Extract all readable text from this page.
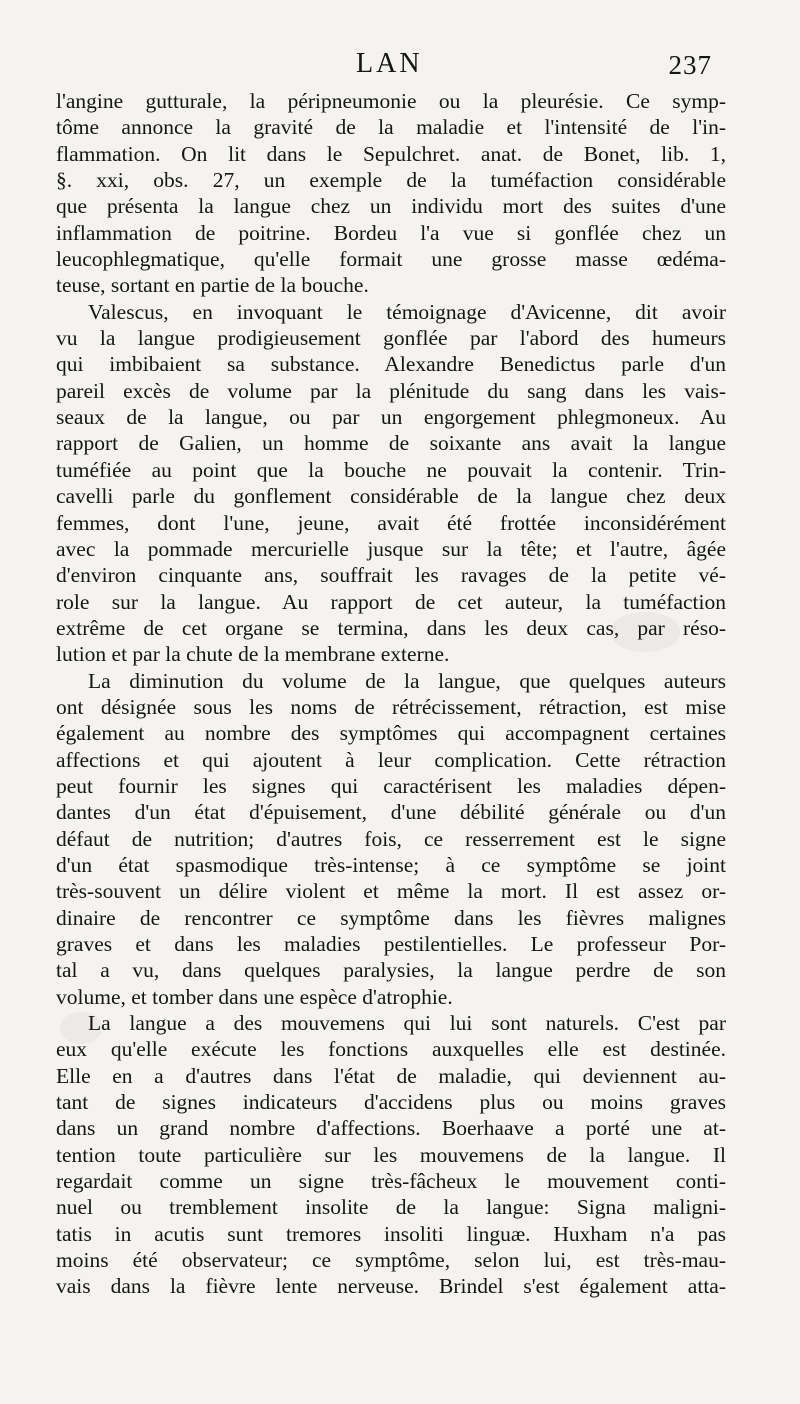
LAN	237
l'angine gutturale, la péripneumonie ou la pleurésie. Ce symp-
tôme annonce la gravité de la maladie et l'intensité de l'in-
flammation. On lit dans le Sepulchret. anat. de Bonet, lib. 1,
§. xxi, obs. 27, un exemple de la tuméfaction considérable
que présenta la langue chez un individu mort des suites d'une
inflammation de poitrine. Bordeu l'a vue si gonflée chez un
leucophlegmatique, qu'elle formait une grosse masse œdéma-
teuse, sortant en partie de la bouche.
Valescus, en invoquant le témoignage d'Avicenne, dit avoir
vu la langue prodigieusement gonflée par l'abord des humeurs
qui imbibaient sa substance. Alexandre Benedictus parle d'un
pareil excès de volume par la plénitude du sang dans les vais-
seaux de la langue, ou par un engorgement phlegmoneux. Au
rapport de Galien, un homme de soixante ans avait la langue
tuméfiée au point que la bouche ne pouvait la contenir. Trin-
cavelli parle du gonflement considérable de la langue chez deux
femmes, dont l'une, jeune, avait été frottée inconsidérément
avec la pommade mercurielle jusque sur la tête; et l'autre, âgée
d'environ cinquante ans, souffrait les ravages de la petite vé-
role sur la langue. Au rapport de cet auteur, la tuméfaction
extrême de cet organe se termina, dans les deux cas, par réso-
lution et par la chute de la membrane externe.
La diminution du volume de la langue, que quelques auteurs
ont désignée sous les noms de rétrécissement, rétraction, est mise
également au nombre des symptômes qui accompagnent certaines
affections et qui ajoutent à leur complication. Cette rétraction
peut fournir les signes qui caractérisent les maladies dépen-
dantes d'un état d'épuisement, d'une débilité générale ou d'un
défaut de nutrition; d'autres fois, ce resserrement est le signe
d'un état spasmodique très-intense; à ce symptôme se joint
très-souvent un délire violent et même la mort. Il est assez or-
dinaire de rencontrer ce symptôme dans les fièvres malignes
graves et dans les maladies pestilentielles. Le professeur Por-
tal a vu, dans quelques paralysies, la langue perdre de son
volume, et tomber dans une espèce d'atrophie.
La langue a des mouvemens qui lui sont naturels. C'est par
eux qu'elle exécute les fonctions auxquelles elle est destinée.
Elle en a d'autres dans l'état de maladie, qui deviennent au-
tant de signes indicateurs d'accidens plus ou moins graves
dans un grand nombre d'affections. Boerhaave a porté une at-
tention toute particulière sur les mouvemens de la langue. Il
regardait comme un signe très-fâcheux le mouvement conti-
nuel ou tremblement insolite de la langue: Signa maligni-
tatis in acutis sunt tremores insoliti linguæ. Huxham n'a pas
moins été observateur; ce symptôme, selon lui, est très-mau-
vais dans la fièvre lente nerveuse. Brindel s'est également atta-
